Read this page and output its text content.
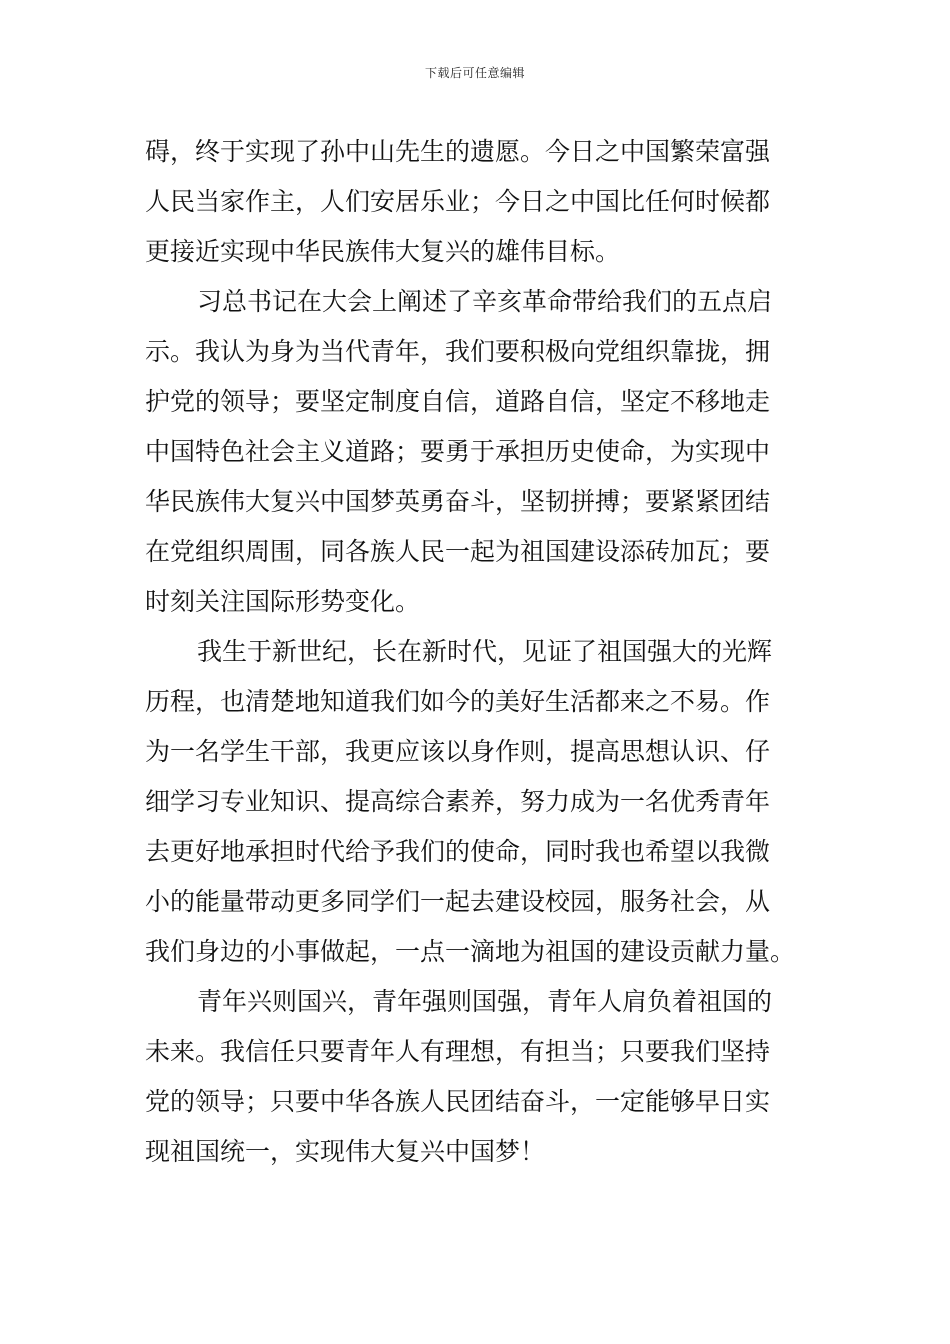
下载后可任意编辑
碍，终于实现了孙中山先生的遗愿。今日之中国繁荣富强
人民当家作主，人们安居乐业；今日之中国比任何时候都
更接近实现中华民族伟大复兴的雄伟目标。
习总书记在大会上阐述了辛亥革命带给我们的五点启
示。我认为身为当代青年，我们要积极向党组织靠拢，拥
护党的领导；要坚定制度自信，道路自信，坚定不移地走
中国特色社会主义道路；要勇于承担历史使命，为实现中
华民族伟大复兴中国梦英勇奋斗，坚韧拼搏；要紧紧团结
在党组织周围，同各族人民一起为祖国建设添砖加瓦；要
时刻关注国际形势变化。
我生于新世纪，长在新时代，见证了祖国强大的光辉
历程，也清楚地知道我们如今的美好生活都来之不易。作
为一名学生干部，我更应该以身作则，提高思想认识、仔
细学习专业知识、提高综合素养，努力成为一名优秀青年
去更好地承担时代给予我们的使命，同时我也希望以我微
小的能量带动更多同学们一起去建设校园，服务社会，从
我们身边的小事做起，一点一滴地为祖国的建设贡献力量。
青年兴则国兴，青年强则国强，青年人肩负着祖国的
未来。我信任只要青年人有理想，有担当；只要我们坚持
党的领导；只要中华各族人民团结奋斗，一定能够早日实
现祖国统一，实现伟大复兴中国梦！
